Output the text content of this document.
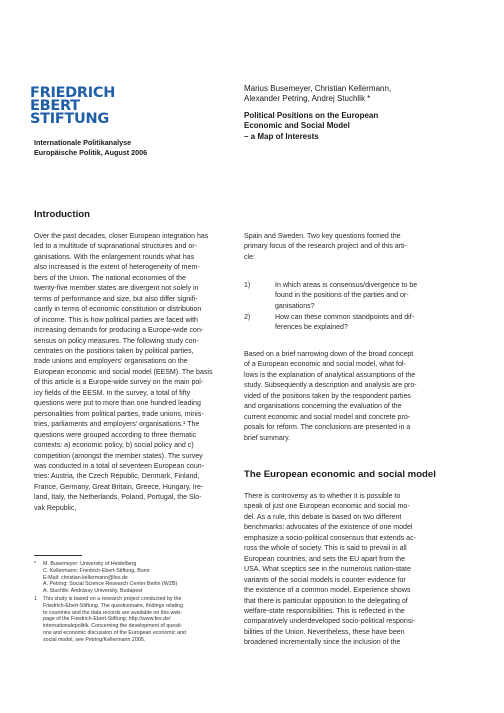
FRIEDRICH
EBERT
STIFTUNG
Internationale Politikanalyse
Europäische Politik, August 2006
Marius Busemeyer, Christian Kellermann,
Alexander Petring, Andrej Stuchlik *
Political Positions on the European
Economic and Social Model
– a Map of Interests
Introduction
Over the past decades, closer European integration has
led to a multitude of supranational structures and or-
ganisations. With the enlargement rounds what has
also increased is the extent of heterogeneity of mem-
bers of the Union. The national economies of the
twenty-five member states are divergent not solely in
terms of performance and size, but also differ signifi-
cantly in terms of economic constitution or distribution
of income. This is how political parties are faced with
increasing demands for producing a Europe-wide con-
sensus on policy measures. The following study con-
centrates on the positions taken by political parties,
trade unions and employers’ organisations on the
European economic and social model (EESM). The basis
of this article is a Europe-wide survey on the main pol-
icy fields of the EESM. In the survey, a total of fifty
questions were put to more than one hundred leading
personalities from political parties, trade unions, minis-
tries, parliaments and employers’ organisations.¹ The
questions were grouped according to three thematic
contexts: a) economic policy, b) social policy and c)
competition (amongst the member states). The survey
was conducted in a total of seventeen European coun-
tries: Austria, the Czech Republic, Denmark, Finland,
France, Germany, Great Britain, Greece, Hungary, Ire-
land, Italy, the Netherlands, Poland, Portugal, the Slo-
vak Republic,
* M. Busemeyer: University of Heidelberg
C. Kellermann: Friedrich-Ebert-Stiftung, Bonn
E-Mail: christian.kellermann@fes.de
A. Petring: Social Science Research Center Berlin (WZB)
A. Stuchlik: Andrássy University, Budapest
1 This study is based on a research project conducted by the
Friedrich-Ebert-Stiftung. The questionnaire, findings relating
to countries and the data records are available on this web-
page of the Friedrich-Ebert-Stiftung: http://www.fes.de/
internationalepolitik. Concerning the development of questi-
ons and economic discussion of the European economic and
social model, see Petring/Kellermann 2005.
Spain and Sweden. Two key questions formed the
primary focus of the research project and of this arti-
cle:
1)	In which areas is consensus/divergence to be
found in the positions of the parties and or-
ganisations?
2)	How can these common standpoints and dif-
ferences be explained?
Based on a brief narrowing down of the broad concept
of a European economic and social model, what fol-
lows is the explanation of analytical assumptions of the
study. Subsequently a description and analysis are pro-
vided of the positions taken by the respondent parties
and organisations concerning the evaluation of the
current economic and social model and concrete pro-
posals for reform. The conclusions are presented in a
brief summary.
The European economic and social model
There is controversy as to whether it is possible to
speak of just one European economic and social mo-
del. As a rule, this debate is based on two different
benchmarks: advocates of the existence of one model
emphasize a socio-political consensus that extends ac-
ross the whole of society. This is said to prevail in all
European countries, and sets the EU apart from the
USA. What sceptics see in the numerous nation-state
variants of the social models is counter evidence for
the existence of a common model. Experience shows
that there is particular opposition to the delegating of
welfare-state responsibilities. This is reflected in the
comparatively underdeveloped socio-political responsi-
bilities of the Union. Nevertheless, these have been
broadened incrementally since the inclusion of the
